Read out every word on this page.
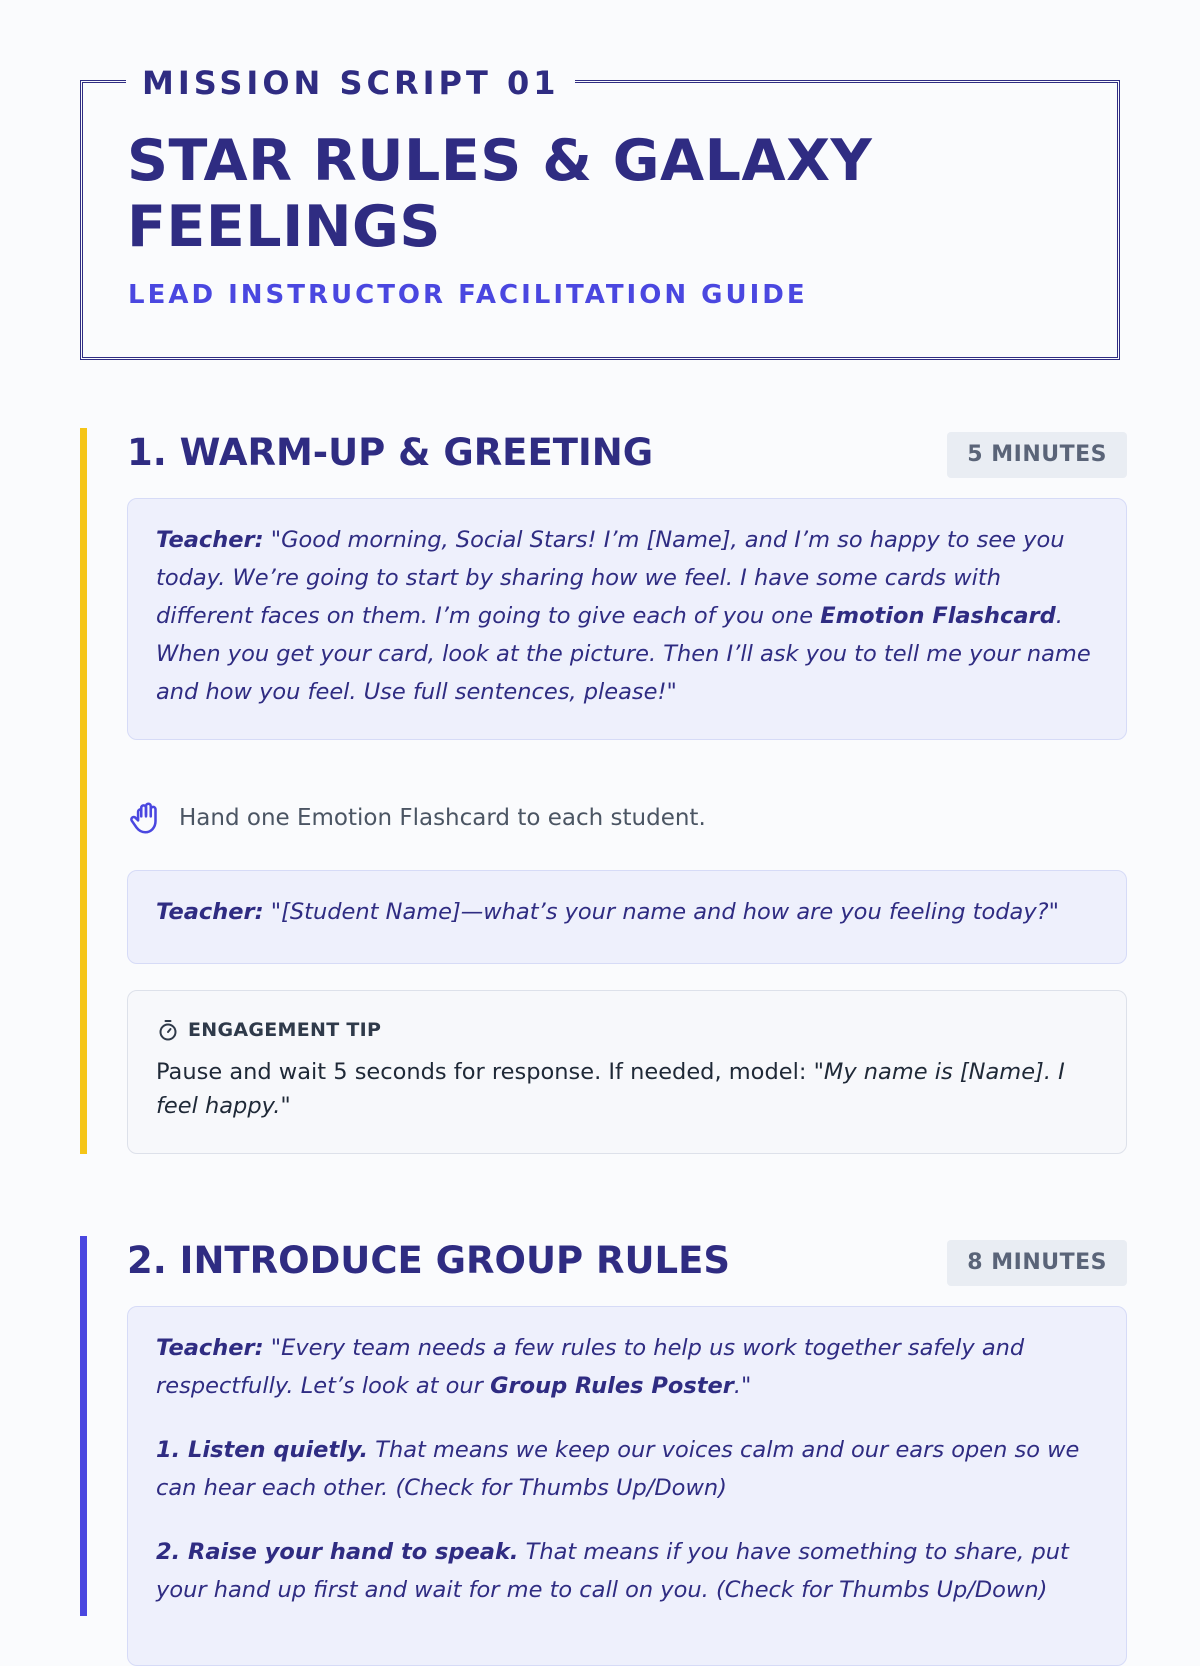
MISSION SCRIPT 01
STAR RULES & GALAXY FEELINGS
LEAD INSTRUCTOR FACILITATION GUIDE
1. WARM-UP & GREETING	5 MINUTES

Teacher: "Good morning, Social Stars! I’m [Name], and I’m so happy to see you today. We’re going to start by sharing how we feel. I have some cards with different faces on them. I’m going to give each of you one Emotion Flashcard. When you get your card, look at the picture. Then I’ll ask you to tell me your name and how you feel. Use full sentences, please!"

Hand one Emotion Flashcard to each student.

Teacher: "[Student Name]—what’s your name and how are you feeling today?"

ENGAGEMENT TIP
Pause and wait 5 seconds for response. If needed, model: "My name is [Name]. I feel happy."
2. INTRODUCE GROUP RULES	8 MINUTES

Teacher: "Every team needs a few rules to help us work together safely and respectfully. Let’s look at our Group Rules Poster."

1. Listen quietly. That means we keep our voices calm and our ears open so we can hear each other. (Check for Thumbs Up/Down)

2. Raise your hand to speak. That means if you have something to share, put your hand up first and wait for me to call on you. (Check for Thumbs Up/Down)
